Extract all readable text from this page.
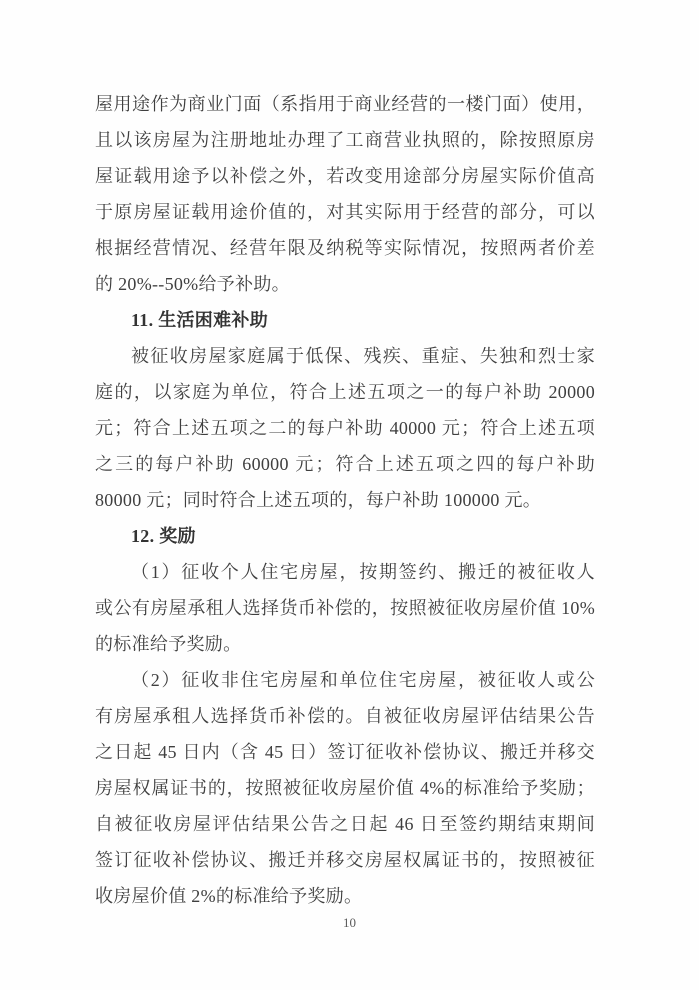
屋用途作为商业门面（系指用于商业经营的一楼门面）使用，
且以该房屋为注册地址办理了工商营业执照的，除按照原房
屋证载用途予以补偿之外，若改变用途部分房屋实际价值高
于原房屋证载用途价值的，对其实际用于经营的部分，可以
根据经营情况、经营年限及纳税等实际情况，按照两者价差
的 20%--50%给予补助。
11. 生活困难补助
被征收房屋家庭属于低保、残疾、重症、失独和烈士家
庭的，以家庭为单位，符合上述五项之一的每户补助 20000
元；符合上述五项之二的每户补助 40000 元；符合上述五项
之三的每户补助 60000 元；符合上述五项之四的每户补助
80000 元；同时符合上述五项的，每户补助 100000 元。
12. 奖励
（1）征收个人住宅房屋，按期签约、搬迁的被征收人
或公有房屋承租人选择货币补偿的，按照被征收房屋价值 10%
的标准给予奖励。
（2）征收非住宅房屋和单位住宅房屋，被征收人或公
有房屋承租人选择货币补偿的。自被征收房屋评估结果公告
之日起 45 日内（含 45 日）签订征收补偿协议、搬迁并移交
房屋权属证书的，按照被征收房屋价值 4%的标准给予奖励；
自被征收房屋评估结果公告之日起 46 日至签约期结束期间
签订征收补偿协议、搬迁并移交房屋权属证书的，按照被征
收房屋价值 2%的标准给予奖励。
10
